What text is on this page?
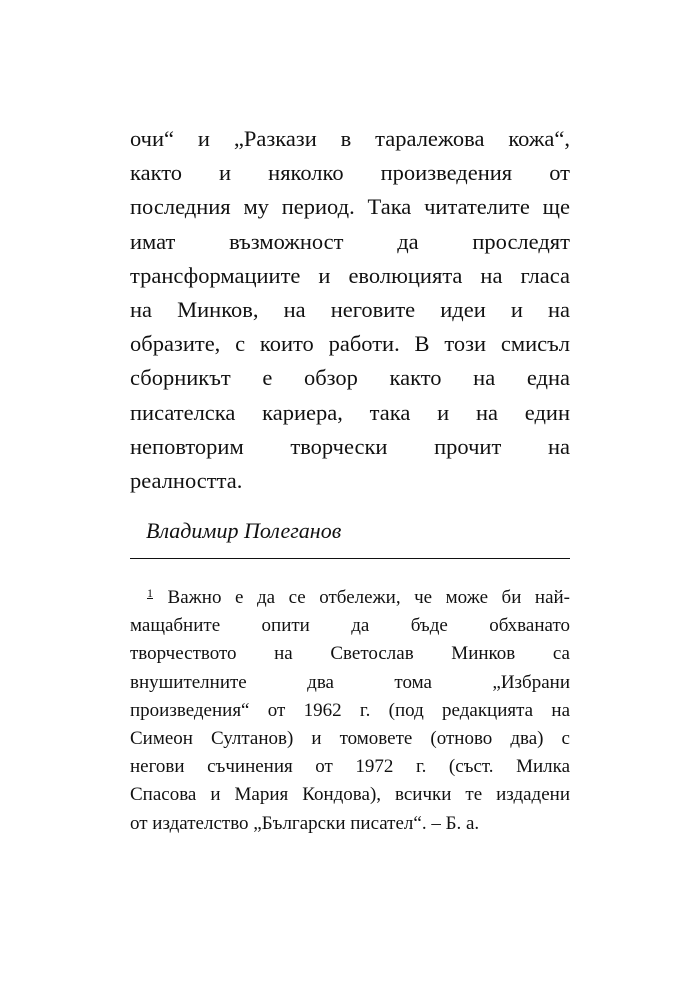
очи“ и „Разкази в таралежова кожа“,
както и няколко произведения от
последния му период. Така читателите ще
имат възможност да проследят
трансформациите и еволюцията на гласа
на Минков, на неговите идеи и на
образите, с които работи. В този смисъл
сборникът е обзор както на една
писателска кариера, така и на един
неповторим творчески прочит на
реалността.

Владимир Полеганов

$^1$ Важно е да се отбележи, че може би най-
мащабните опити да бъде обхванато
творчеството на Светослав Минков са
внушителните два тома „Избрани
произведения“ от 1962 г. (под редакцията на
Симеон Султанов) и томовете (отново два) с
негови съчинения от 1972 г. (съст. Милка
Спасова и Мария Кондова), всички те издадени
от издателство „Български писател“. – Б. а.
